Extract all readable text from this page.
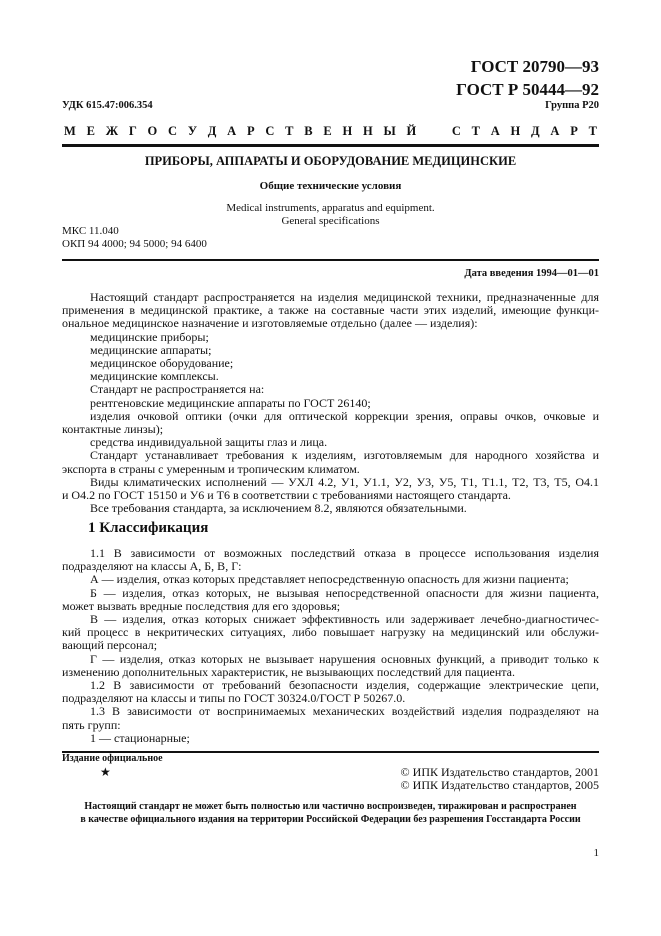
ГОСТ 20790—93
ГОСТ Р 50444—92
УДК 615.47:006.354	Группа Р20
М Е Ж Г О С У Д А Р С Т В Е Н Н Ы Й	С Т А Н Д А Р Т
ПРИБОРЫ, АППАРАТЫ И ОБОРУДОВАНИЕ МЕДИЦИНСКИЕ
Общие технические условия
Medical instruments, apparatus and equipment.
General specifications
МКС 11.040
ОКП 94 4000; 94 5000; 94 6400
Дата введения 1994—01—01
Настоящий стандарт распространяется на изделия медицинской техники, предназначенные для
применения в медицинской практике, а также на составные части этих изделий, имеющие функци-
ональное медицинское назначение и изготовляемые отдельно (далее — изделия):
медицинские приборы;
медицинские аппараты;
медицинское оборудование;
медицинские комплексы.
Стандарт не распространяется на:
рентгеновские медицинские аппараты по ГОСТ 26140;
изделия очковой оптики (очки для оптической коррекции зрения, оправы очков, очковые и
контактные линзы);
средства индивидуальной защиты глаз и лица.
Стандарт устанавливает требования к изделиям, изготовляемым для народного хозяйства и
экспорта в страны с умеренным и тропическим климатом.
Виды климатических исполнений — УХЛ 4.2, У1, У1.1, У2, У3, У5, Т1, Т1.1, Т2, Т3, Т5, О4.1
и О4.2 по ГОСТ 15150 и У6 и Т6 в соответствии с требованиями настоящего стандарта.
Все требования стандарта, за исключением 8.2, являются обязательными.
1 Классификация
1.1 В зависимости от возможных последствий отказа в процессе использования изделия
подразделяют на классы А, Б, В, Г:
А — изделия, отказ которых представляет непосредственную опасность для жизни пациента;
Б — изделия, отказ которых, не вызывая непосредственной опасности для жизни пациента,
может вызвать вредные последствия для его здоровья;
В — изделия, отказ которых снижает эффективность или задерживает лечебно-диагностичес-
кий процесс в некритических ситуациях, либо повышает нагрузку на медицинский или обслужи-
вающий персонал;
Г — изделия, отказ которых не вызывает нарушения основных функций, а приводит только к
изменению дополнительных характеристик, не вызывающих последствий для пациента.
1.2 В зависимости от требований безопасности изделия, содержащие электрические цепи,
подразделяют на классы и типы по ГОСТ 30324.0/ГОСТ Р 50267.0.
1.3 В зависимости от воспринимаемых механических воздействий изделия подразделяют на
пять групп:
1 — стационарные;
Издание официальное
★	© ИПК Издательство стандартов, 2001
© ИПК Издательство стандартов, 2005
Настоящий стандарт не может быть полностью или частично воспроизведен, тиражирован и распространен
в качестве официального издания на территории Российской Федерации без разрешения Госстандарта России
1
